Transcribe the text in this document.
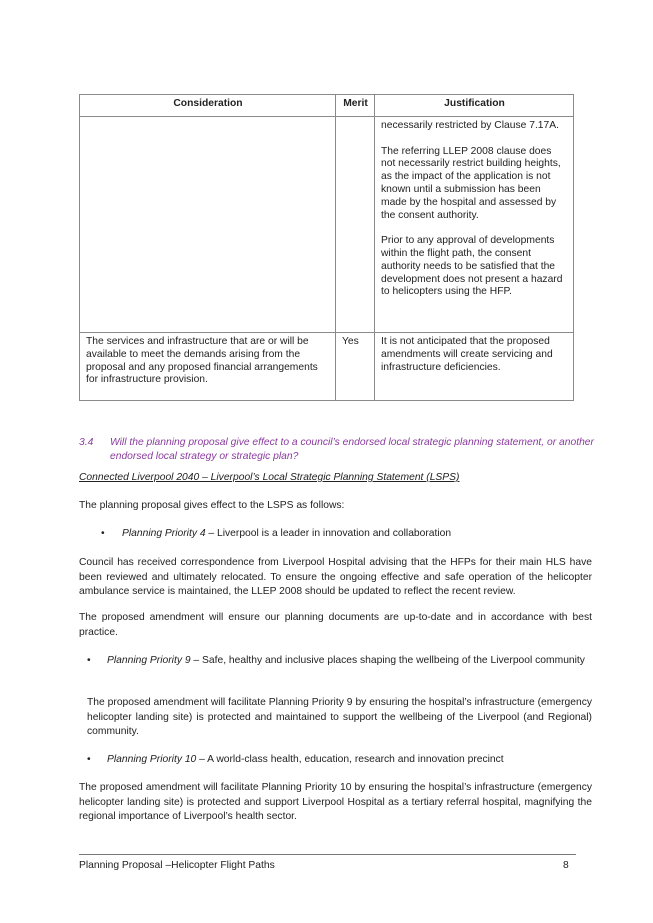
Consideration	Merit	Justification

		necessarily restricted by Clause 7.17A.
The referring LLEP 2008 clause does not necessarily restrict building heights, as the impact of the application is not known until a submission has been made by the hospital and assessed by the consent authority.
Prior to any approval of developments within the flight path, the consent authority needs to be satisfied that the development does not present a hazard to helicopters using the HFP.

The services and infrastructure that are or will be available to meet the demands arising from the proposal and any proposed financial arrangements for infrastructure provision.	Yes	It is not anticipated that the proposed amendments will create servicing and infrastructure deficiencies.
3.4 Will the planning proposal give effect to a council’s endorsed local strategic planning statement, or another endorsed local strategy or strategic plan?
Connected Liverpool 2040 – Liverpool’s Local Strategic Planning Statement (LSPS)
The planning proposal gives effect to the LSPS as follows:
• Planning Priority 4 – Liverpool is a leader in innovation and collaboration
Council has received correspondence from Liverpool Hospital advising that the HFPs for their main HLS have been reviewed and ultimately relocated. To ensure the ongoing effective and safe operation of the helicopter ambulance service is maintained, the LLEP 2008 should be updated to reflect the recent review.
The proposed amendment will ensure our planning documents are up-to-date and in accordance with best practice.
• Planning Priority 9 – Safe, healthy and inclusive places shaping the wellbeing of the Liverpool community
The proposed amendment will facilitate Planning Priority 9 by ensuring the hospital’s infrastructure (emergency helicopter landing site) is protected and maintained to support the wellbeing of the Liverpool (and Regional) community.
• Planning Priority 10 – A world-class health, education, research and innovation precinct
The proposed amendment will facilitate Planning Priority 10 by ensuring the hospital’s infrastructure (emergency helicopter landing site) is protected and support Liverpool Hospital as a tertiary referral hospital, magnifying the regional importance of Liverpool’s health sector.
Planning Proposal –Helicopter Flight Paths	8
